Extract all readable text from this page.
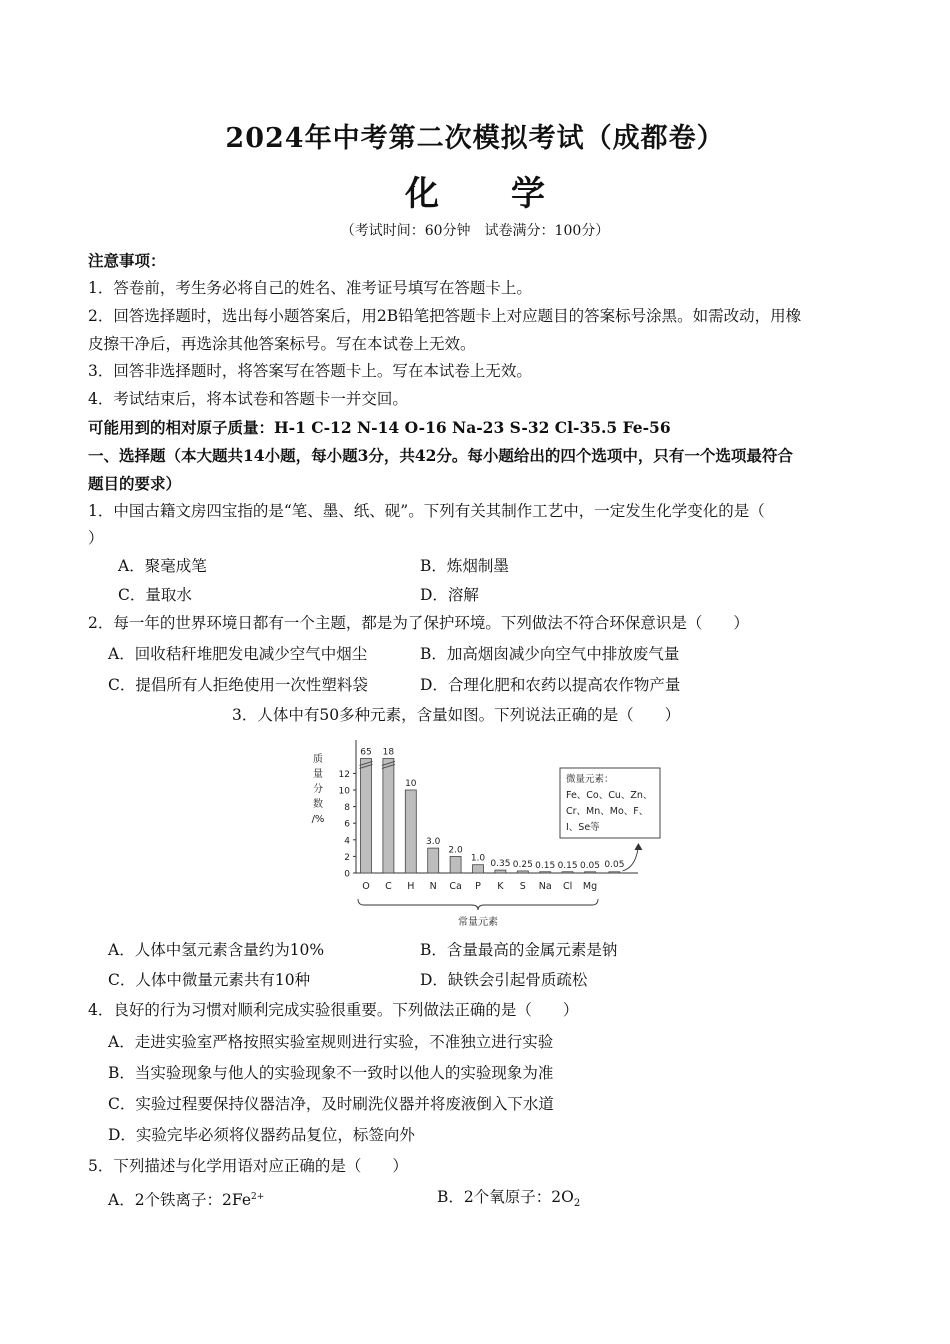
2024年中考第二次模拟考试（成都卷）
化 学
（考试时间：60分钟　试卷满分：100分）
注意事项：
1．答卷前，考生务必将自己的姓名、准考证号填写在答题卡上。
2．回答选择题时，选出每小题答案后，用2B铅笔把答题卡上对应题目的答案标号涂黑。如需改动，用橡
皮擦干净后，再选涂其他答案标号。写在本试卷上无效。
3．回答非选择题时，将答案写在答题卡上。写在本试卷上无效。
4．考试结束后，将本试卷和答题卡一并交回。
可能用到的相对原子质量：H-1 C-12 N-14 O-16 Na-23 S-32 Cl-35.5 Fe-56
一、选择题（本大题共14小题，每小题3分，共42分。每小题给出的四个选项中，只有一个选项最符合
题目的要求）
1．中国古籍文房四宝指的是“笔、墨、纸、砚”。下列有关其制作工艺中，一定发生化学变化的是（
）
A．聚毫成笔	B．炼烟制墨
C．量取水	D．溶解
2．每一年的世界环境日都有一个主题，都是为了保护环境。下列做法不符合环保意识是（　　）
A．回收秸秆堆肥发电减少空气中烟尘	B．加高烟囱减少向空气中排放废气量
C．提倡所有人拒绝使用一次性塑料袋	D．合理化肥和农药以提高农作物产量
3．人体中有50多种元素，含量如图。下列说法正确的是（　　）
质
量
分
数
/%
0
2
4
6
8
10
12
65 18
10
3.0
2.0
1.0
0.35 0.25 0.15 0.15 0.05 0.05
O C H N Ca P K S Na Cl Mg
常量元素
微量元素：
Fe、Co、Cu、Zn、
Cr、Mn、Mo、F、
I、Se等
A．人体中氢元素含量约为10%	B．含量最高的金属元素是钠
C．人体中微量元素共有10种	D．缺铁会引起骨质疏松
4．良好的行为习惯对顺利完成实验很重要。下列做法正确的是（　　）
A．走进实验室严格按照实验室规则进行实验，不准独立进行实验
B．当实验现象与他人的实验现象不一致时以他人的实验现象为准
C．实验过程要保持仪器洁净，及时刷洗仪器并将废液倒入下水道
D．实验完毕必须将仪器药品复位，标签向外
5．下列描述与化学用语对应正确的是（　　）
A．2个铁离子：$2Fe^{2+}$	B．2个氧原子：$2O_2$
